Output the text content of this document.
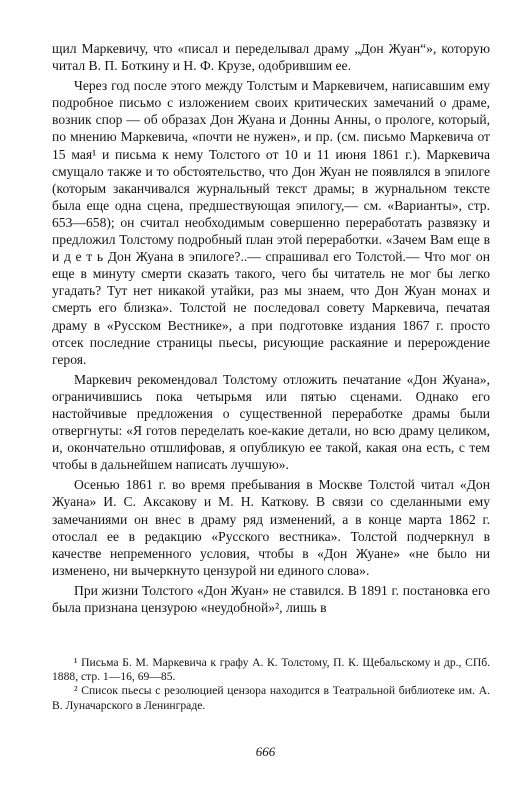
щил Маркевичу, что «писал и переделывал драму „Дон Жуан“», которую читал В. П. Боткину и Н. Ф. Крузе, одобрившим ее.

Через год после этого между Толстым и Маркевичем, написавшим ему подробное письмо с изложением своих критических замечаний о драме, возник спор — об образах Дон Жуана и Донны Анны, о прологе, который, по мнению Маркевича, «почти не нужен», и пр. (см. письмо Маркевича от 15 мая¹ и письма к нему Толстого от 10 и 11 июня 1861 г.). Маркевича смущало также и то обстоятельство, что Дон Жуан не появлялся в эпилоге (которым заканчивался журнальный текст драмы; в журнальном тексте была еще одна сцена, предшествующая эпилогу,— см. «Варианты», стр. 653—658); он считал необходимым совершенно переработать развязку и предложил Толстому подробный план этой переработки. «Зачем Вам еще в и д е т ь Дон Жуана в эпилоге?..— спрашивал его Толстой.— Что мог он еще в минуту смерти сказать такого, чего бы читатель не мог бы легко угадать? Тут нет никакой утайки, раз мы знаем, что Дон Жуан монах и смерть его близка». Толстой не последовал совету Маркевича, печатая драму в «Русском Вестнике», а при подготовке издания 1867 г. просто отсек последние страницы пьесы, рисующие раскаяние и перерождение героя.

Маркевич рекомендовал Толстому отложить печатание «Дон Жуана», ограничившись пока четырьмя или пятью сценами. Однако его настойчивые предложения о существенной переработке драмы были отвергнуты: «Я готов переделать кое-какие детали, но всю драму целиком, и, окончательно отшлифовав, я опубликую ее такой, какая она есть, с тем чтобы в дальнейшем написать лучшую».

Осенью 1861 г. во время пребывания в Москве Толстой читал «Дон Жуана» И. С. Аксакову и М. Н. Каткову. В связи со сделанными ему замечаниями он внес в драму ряд изменений, а в конце марта 1862 г. отослал ее в редакцию «Русского вестника». Толстой подчеркнул в качестве непременного условия, чтобы в «Дон Жуане» «не было ни изменено, ни вычеркнуто цензурой ни единого слова».

При жизни Толстого «Дон Жуан» не ставился. В 1891 г. постановка его была признана цензурою «неудобной»², лишь в

¹ Письма Б. М. Маркевича к графу А. К. Толстому, П. К. Щебальскому и др., СПб. 1888, стр. 1—16, 69—85.

² Список пьесы с резолюцией цензора находится в Театральной библиотеке им. А. В. Луначарского в Ленинграде.

666
